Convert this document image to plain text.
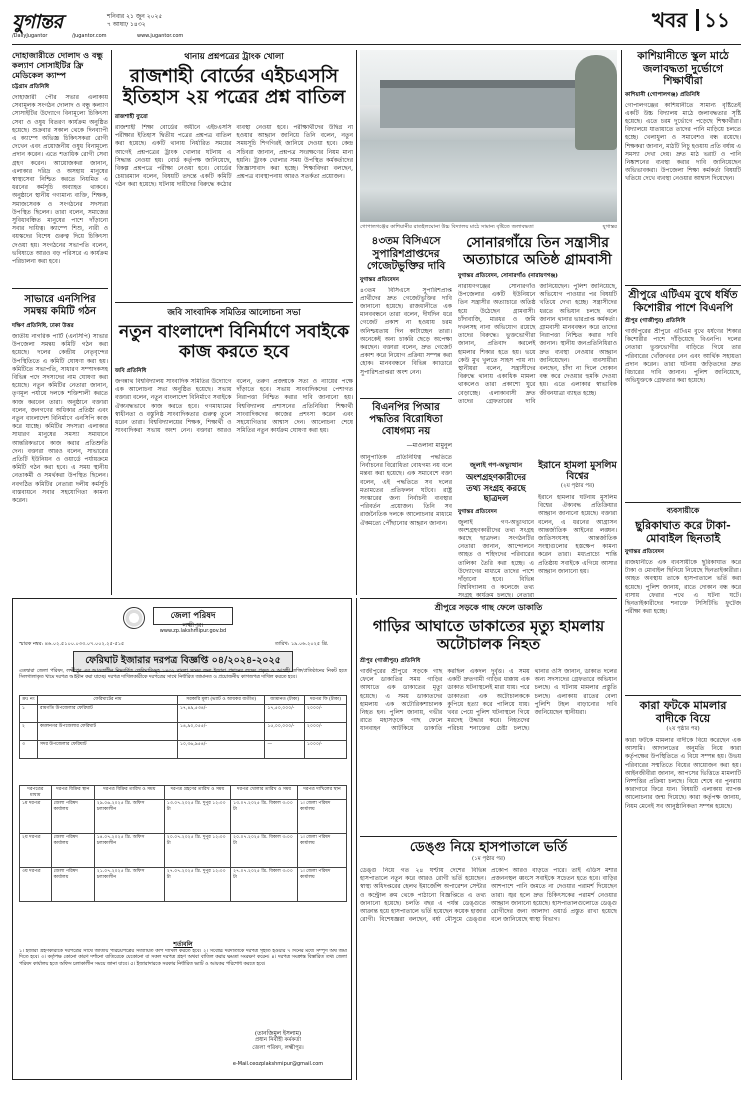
যুগান্তর	শনিবার ২১ জুন ২০২৫
৭ আষাঢ় ১৪৩২
/DailyJugantor	/jugantor.com	www.jugantor.com
খবর ১১
দোহাজারীতে দোলাদ ও বন্ধু কল্যাণ সোসাইটির ফ্রি মেডিকেল ক্যাম্প
চট্টগ্রাম প্রতিনিধি
দোহাজারী পৌর সভার এলাকায় সেবামূলক সংগঠন দোলাদ ও বন্ধু কল্যাণ সোসাইটির উদ্যোগে বিনামূল্যে চিকিৎসা সেবা ও ওষুধ বিতরণ কার্যক্রম অনুষ্ঠিত হয়েছে। শুক্রবার সকাল থেকে দিনব্যাপী এ ক্যাম্পে অভিজ্ঞ চিকিৎসকরা রোগী দেখেন এবং প্রয়োজনীয় ওষুধ বিনামূল্যে প্রদান করেন। এতে শতাধিক রোগী সেবা গ্রহণ করেন। আয়োজকরা জানান, এলাকার দরিদ্র ও অসহায় মানুষের স্বাস্থ্যসেবা নিশ্চিত করতে নিয়মিত এ ধরনের কর্মসূচি অব্যাহত থাকবে। অনুষ্ঠানে স্থানীয় গণ্যমান্য ব্যক্তি, শিক্ষক, সমাজসেবক ও সংগঠনের সদস্যরা উপস্থিত ছিলেন। তারা বলেন, সমাজের সুবিধাবঞ্চিত মানুষের পাশে দাঁড়ানো সবার দায়িত্ব। ক্যাম্পে শিশু, নারী ও বয়স্কদের বিশেষ গুরুত্ব দিয়ে চিকিৎসা দেওয়া হয়। সংগঠনের সভাপতি বলেন, ভবিষ্যতে আরও বড় পরিসরে এ কার্যক্রম পরিচালনা করা হবে।
সাভারে এনসিপির সমন্বয় কমিটি গঠন
দক্ষিণ প্রতিনিধি, ঢাকা উত্তর
জাতীয় নাগরিক পার্টি (এনসিপি) সাভার উপজেলা সমন্বয় কমিটি গঠন করা হয়েছে। দলের কেন্দ্রীয় নেতৃবৃন্দের উপস্থিতিতে এ কমিটি ঘোষণা করা হয়। কমিটিতে সভাপতি, সাধারণ সম্পাদকসহ বিভিন্ন পদে সদস্যদের নাম ঘোষণা করা হয়েছে। নতুন কমিটির নেতারা জানান, তৃণমূল পর্যায়ে দলকে শক্তিশালী করতে কাজ করবেন তারা। অনুষ্ঠানে বক্তারা বলেন, জনগণের অধিকার প্রতিষ্ঠা এবং নতুন বাংলাদেশ বিনির্মাণে এনসিপি কাজ করে যাচ্ছে। কমিটির সদস্যরা এলাকার সাধারণ মানুষের সমস্যা সমাধানে আন্তরিকভাবে কাজ করার প্রতিশ্রুতি দেন। বক্তারা আরও বলেন, সাভারের প্রতিটি ইউনিয়ন ও ওয়ার্ডে পর্যায়ক্রমে কমিটি গঠন করা হবে। এ সময় স্থানীয় নেতাকর্মী ও সমর্থকরা উপস্থিত ছিলেন। নবগঠিত কমিটির নেতারা দলীয় কর্মসূচি বাস্তবায়নে সবার সহযোগিতা কামনা করেন।
থানায় প্রশ্নপত্রের ট্রাংক খোলা
রাজশাহী বোর্ডের এইচএসসি ইতিহাস ২য় পত্রের প্রশ্ন বাতিল
রাজশাহী ব্যুরো
রাজশাহী শিক্ষা বোর্ডের অধীনে এইচএসসি পরীক্ষার ইতিহাস দ্বিতীয় পত্রের প্রশ্নপত্র বাতিল করা হয়েছে। একটি থানায় নির্ধারিত সময়ের আগেই প্রশ্নপত্রের ট্রাংক খোলার ঘটনায় এ সিদ্ধান্ত নেওয়া হয়। বোর্ড কর্তৃপক্ষ জানিয়েছে, বিকল্প প্রশ্নপত্রে পরীক্ষা নেওয়া হবে। বোর্ডের চেয়ারম্যান বলেন, বিষয়টি তদন্তে একটি কমিটি গঠন করা হয়েছে। ঘটনায় দায়ীদের বিরুদ্ধে কঠোর ব্যবস্থা নেওয়া হবে। পরীক্ষার্থীদের উদ্বিগ্ন না হওয়ার আহ্বান জানিয়ে তিনি বলেন, নতুন সময়সূচি শিগগিরই জানিয়ে দেওয়া হবে। কেন্দ্র সচিবরা জানান, প্রশ্নপত্র সংরক্ষণের নিয়ম মানা হয়নি। ট্রাংক খোলার সময় উপস্থিত কর্মকর্তাদের জিজ্ঞাসাবাদ করা হচ্ছে। শিক্ষাবিদরা বলছেন, প্রশ্নপত্র ব্যবস্থাপনায় আরও সতর্কতা প্রয়োজন।
জবি সাংবাদিক সমিতির আলোচনা সভা
নতুন বাংলাদেশ বিনির্মাণে সবাইকে কাজ করতে হবে
জবি প্রতিনিধি
জগন্নাথ বিশ্ববিদ্যালয় সাংবাদিক সমিতির উদ্যোগে এক আলোচনা সভা অনুষ্ঠিত হয়েছে। সভায় বক্তারা বলেন, নতুন বাংলাদেশ বিনির্মাণে সবাইকে ঐক্যবদ্ধভাবে কাজ করতে হবে। গণমাধ্যমের স্বাধীনতা ও বস্তুনিষ্ঠ সাংবাদিকতার গুরুত্ব তুলে ধরেন তারা। বিশ্ববিদ্যালয়ের শিক্ষক, শিক্ষার্থী ও সাংবাদিকরা সভায় অংশ নেন। বক্তারা আরও বলেন, তরুণ প্রজন্মকে সত্য ও ন্যায়ের পক্ষে দাঁড়াতে হবে। সভায় সাংবাদিকদের পেশাগত নিরাপত্তা নিশ্চিত করার দাবি জানানো হয়। বিশ্ববিদ্যালয় প্রশাসনের প্রতিনিধিরা শিক্ষার্থী সাংবাদিকদের কাজের প্রশংসা করেন এবং সহযোগিতার আশ্বাস দেন। আলোচনা শেষে সমিতির নতুন কার্যক্রম ঘোষণা করা হয়।
গোপালগঞ্জের কাশিয়ানীর রাতইলঘোনা উচ্চ বিদ্যালয় মাঠে সামান্য বৃষ্টিতে জলাবদ্ধতা	যুগান্তর
৪৩তম বিসিএসে সুপারিশপ্রাপ্তদের গেজেটভুক্তির দাবি
যুগান্তর প্রতিবেদন
৪৩তম বিসিএসে সুপারিশপ্রাপ্ত প্রার্থীদের দ্রুত গেজেটভুক্তির দাবি জানানো হয়েছে। রাজধানীতে এক মানববন্ধনে তারা বলেন, দীর্ঘদিন ধরে গেজেট প্রকাশ না হওয়ায় চরম অনিশ্চয়তায় দিন কাটাচ্ছেন তারা। অনেকেই অন্য চাকরি ছেড়ে অপেক্ষা করছেন। বক্তারা বলেন, দ্রুত গেজেট প্রকাশ করে নিয়োগ প্রক্রিয়া সম্পন্ন করা হোক। মানববন্ধনে বিভিন্ন ক্যাডারে সুপারিশপ্রাপ্তরা অংশ নেন।
বিএনপির পিআর পদ্ধতির বিরোধিতা বোধগম্য নয়
—মাওলানা মামুনুল
আনুপাতিক প্রতিনিধিত্ব পদ্ধতিতে নির্বাচনের বিরোধিতা বোধগম্য নয় বলে মন্তব্য করা হয়েছে। এক সমাবেশে বক্তা বলেন, এই পদ্ধতিতে সব দলের মতামতের প্রতিফলন ঘটবে। রাষ্ট্র সংস্কারের জন্য নির্বাচনী ব্যবস্থার পরিবর্তন প্রয়োজন। তিনি সব রাজনৈতিক দলকে আলোচনার মাধ্যমে ঐকমত্যে পৌঁছানোর আহ্বান জানান।
সোনারগাঁয়ে তিন সন্ত্রাসীর অত্যাচারে অতিষ্ঠ গ্রামবাসী
যুগান্তর প্রতিবেদন, সোনারগাঁও (নারায়ণগঞ্জ)
নারায়ণগঞ্জের সোনারগাঁও উপজেলার একটি ইউনিয়নে তিন সন্ত্রাসীর অত্যাচারে অতিষ্ঠ হয়ে উঠেছেন গ্রামবাসী। চাঁদাবাজি, মারধর ও জমি দখলসহ নানা অভিযোগ রয়েছে তাদের বিরুদ্ধে। ভুক্তভোগীরা জানান, প্রতিবাদ করলেই হামলার শিকার হতে হয়। ভয়ে কেউ মুখ খুলতে সাহস পায় না। স্থানীয়রা বলেন, সন্ত্রাসীদের বিরুদ্ধে থানায় একাধিক মামলা থাকলেও তারা প্রকাশ্যে ঘুরে বেড়াচ্ছে। এলাকাবাসী দ্রুত তাদের গ্রেফতারের দাবি জানিয়েছেন। পুলিশ জানিয়েছে, অভিযোগ পাওয়ার পর বিষয়টি খতিয়ে দেখা হচ্ছে। সন্ত্রাসীদের ধরতে অভিযান চলছে বলে জানান থানার ভারপ্রাপ্ত কর্মকর্তা। গ্রামবাসী মানববন্ধন করে তাদের নিরাপত্তা নিশ্চিত করার দাবি জানান। স্থানীয় জনপ্রতিনিধিরাও দ্রুত ব্যবস্থা নেওয়ার আহ্বান জানিয়েছেন। ব্যবসায়ীরা বলছেন, চাঁদা না দিলে দোকান বন্ধ করে দেওয়ার হুমকি দেওয়া হয়। এতে এলাকার স্বাভাবিক জীবনযাত্রা ব্যাহত হচ্ছে।
জুলাই গণ-অভ্যুত্থান
অংশগ্রহণকারীদের তথ্য সংগ্রহ করছে ছাত্রদল
যুগান্তর প্রতিবেদন
জুলাই গণ-অভ্যুত্থানে অংশগ্রহণকারীদের তথ্য সংগ্রহ করছে ছাত্রদল। সংগঠনটির নেতারা জানান, আন্দোলনে আহত ও শহিদদের পরিবারের তালিকা তৈরি করা হচ্ছে। এ উদ্যোগের মাধ্যমে তাদের পাশে দাঁড়ানো হবে। বিভিন্ন বিশ্ববিদ্যালয় ও কলেজে তথ্য সংগ্রহ কার্যক্রম চলছে। নেতারা
ইরানে হামলা মুসলিম বিশ্বের
(২য় পৃষ্ঠার পর)
ইরানে হামলার ঘটনায় মুসলিম বিশ্বের ঐক্যবদ্ধ প্রতিক্রিয়ার আহ্বান জানানো হয়েছে। বক্তারা বলেন, এ ধরনের আগ্রাসন আন্তর্জাতিক আইনের লঙ্ঘন। জাতিসংঘসহ আন্তর্জাতিক সংস্থাগুলোর হস্তক্ষেপ কামনা করেন তারা। মধ্যপ্রাচ্যে শান্তি প্রতিষ্ঠায় সবাইকে এগিয়ে আসার আহ্বান জানানো হয়।
কাশিয়ানীতে স্কুল মাঠে জলাবদ্ধতা দুর্ভোগে শিক্ষার্থীরা
কাশিয়ানী (গোপালগঞ্জ) প্রতিনিধি
গোপালগঞ্জের কাশিয়ানীতে সামান্য বৃষ্টিতেই একটি উচ্চ বিদ্যালয় মাঠে জলাবদ্ধতার সৃষ্টি হয়েছে। এতে চরম দুর্ভোগে পড়েছে শিক্ষার্থীরা। বিদ্যালয়ে যাতায়াতে তাদের পানি মাড়িয়ে চলতে হচ্ছে। খেলাধুলা ও সমাবেশও বন্ধ রয়েছে। শিক্ষকরা জানান, মাঠটি নিচু হওয়ায় প্রতি বর্ষায় এ সমস্যা দেখা দেয়। দ্রুত মাঠ ভরাট ও পানি নিষ্কাশনের ব্যবস্থা করার দাবি জানিয়েছেন অভিভাবকরা। উপজেলা শিক্ষা কর্মকর্তা বিষয়টি খতিয়ে দেখে ব্যবস্থা নেওয়ার আশ্বাস দিয়েছেন।
শ্রীপুরে এটিএম বুথে ধর্ষিত কিশোরীর পাশে বিএনপি
শ্রীপুর (গাজীপুর) প্রতিনিধি
গাজীপুরের শ্রীপুরে এটিএম বুথে ধর্ষণের শিকার কিশোরীর পাশে দাঁড়িয়েছে বিএনপি। দলের নেতারা ভুক্তভোগীর বাড়িতে গিয়ে তার পরিবারের খোঁজখবর নেন এবং আর্থিক সহায়তা প্রদান করেন। তারা ঘটনায় জড়িতদের দ্রুত বিচারের দাবি জানান। পুলিশ জানিয়েছে, অভিযুক্তকে গ্রেফতার করা হয়েছে।
ব্যবসায়ীকে
ছুরিকাঘাত করে টাকা-মোবাইল ছিনতাই
যুগান্তর প্রতিবেদন
রাজধানীতে এক ব্যবসায়ীকে ছুরিকাঘাত করে টাকা ও মোবাইল ছিনিয়ে নিয়েছে ছিনতাইকারীরা। আহত অবস্থায় তাকে হাসপাতালে ভর্তি করা হয়েছে। পুলিশ জানায়, রাতে দোকান বন্ধ করে বাসায় ফেরার পথে এ ঘটনা ঘটে। ছিনতাইকারীদের শনাক্তে সিসিটিভি ফুটেজ পরীক্ষা করা হচ্ছে।
কারা ফটকে মামলার বাদীকে বিয়ে
(২য় পৃষ্ঠার পর)
কারা ফটকে মামলার বাদীকে বিয়ে করেছেন এক আসামি। আদালতের অনুমতি নিয়ে কারা কর্তৃপক্ষের উপস্থিতিতে এ বিয়ে সম্পন্ন হয়। উভয় পরিবারের সম্মতিতে বিয়ের আয়োজন করা হয়। আইনজীবীরা জানান, আপসের ভিত্তিতে মামলাটি নিষ্পত্তির প্রক্রিয়া চলছে। বিয়ে শেষে বর পুনরায় কারাগারে ফিরে যান। বিষয়টি এলাকায় ব্যাপক আলোচনার জন্ম দিয়েছে। কারা কর্তৃপক্ষ জানায়, নিয়ম মেনেই সব আনুষ্ঠানিকতা সম্পন্ন হয়েছে।
শ্রীপুরে সড়কে গাছ ফেলে ডাকাতি
গাড়ির আঘাতে ডাকাতের মৃত্যু হামলায় অটোচালক নিহত
শ্রীপুর (গাজীপুর) প্রতিনিধি
গাজীপুরের শ্রীপুরে সড়কে গাছ ফেলে ডাকাতির সময় গাড়ির আঘাতে এক ডাকাতের মৃত্যু হয়েছে। এ সময় ডাকাতদের হামলায় এক অটোরিকশাচালক নিহত হন। পুলিশ জানায়, গভীর রাতে মহাসড়কে গাছ ফেলে যানবাহন আটকিয়ে ডাকাতি করছিল একদল দুর্বৃত্ত। এ সময় একটি দ্রুতগামী গাড়ির ধাক্কায় এক ডাকাত ঘটনাস্থলেই মারা যায়। পরে ডাকাতরা এক অটোচালককে কুপিয়ে হত্যা করে পালিয়ে যায়। খবর পেয়ে পুলিশ ঘটনাস্থলে গিয়ে মরদেহ উদ্ধার করে। নিহতদের পরিচয় শনাক্তের চেষ্টা চলছে। থানার ওসি জানান, ডাকাত দলের অন্য সদস্যদের গ্রেফতারে অভিযান চলছে। এ ঘটনায় মামলার প্রস্তুতি চলছে। এলাকায় রাতের বেলা পুলিশি টহল বাড়ানোর দাবি জানিয়েছেন স্থানীয়রা।
ডেঙ্গু নিয়ে হাসপাতালে ভর্তি
(১ম পৃষ্ঠার পর)
ডেঙ্গু নিয়ে গত ২৪ ঘণ্টায় দেশের বিভিন্ন হাসপাতালে নতুন করে আরও রোগী ভর্তি হয়েছেন। স্বাস্থ্য অধিদপ্তরের হেলথ ইমার্জেন্সি অপারেশন সেন্টার ও কন্ট্রোল রুম থেকে পাঠানো বিজ্ঞপ্তিতে এ তথ্য জানানো হয়েছে। চলতি বছর এ পর্যন্ত ডেঙ্গুতে আক্রান্ত হয়ে হাসপাতালে ভর্তি হয়েছেন কয়েক হাজার রোগী। বিশেষজ্ঞরা বলছেন, বর্ষা মৌসুমে ডেঙ্গুর প্রকোপ আরও বাড়তে পারে। তাই এডিস মশার প্রজননস্থল ধ্বংসে সবাইকে সচেতন হতে হবে। বাড়ির আশপাশে পানি জমতে না দেওয়ার পরামর্শ দিয়েছেন তারা। জ্বর হলে দ্রুত চিকিৎসকের পরামর্শ নেওয়ার আহ্বান জানানো হয়েছে। হাসপাতালগুলোতে ডেঙ্গু রোগীদের জন্য আলাদা ওয়ার্ড প্রস্তুত রাখা হয়েছে বলে জানিয়েছে স্বাস্থ্য বিভাগ।
জেলা পরিষদ
লক্ষ্মীপুর।
www.zp.lakshmipur.gov.bd
স্মারক নম্বর: ৪৬.০২.৫১০০.০৩৩.০৭.০০২.২৫-৫১৫	তারিখ: ১৯.০৬.২০২৫ খ্রি.
ফেরিঘাট ইজারার দরপত্র বিজ্ঞপ্তি ০৪/২০২৪-২০২৫
এতদ্বারা জেলা পরিষদ, লক্ষ্মীপুর এর আওতাধীন নিম্নবর্ণিত ফেরিঘাটসমূহ ১৪৩২ বাংলা সনের জন্য ইজারা প্রদানের লক্ষ্যে প্রকৃত ও আগ্রহী ব্যক্তি/প্রতিষ্ঠানের নিকট হতে সিলগালাকৃত খামে দরপত্র আহ্বান করা যাচ্ছে। দরপত্র দাখিলকারীকে দরপত্রের সাথে নির্ধারিত জামানত ও প্রয়োজনীয় কাগজপত্র দাখিল করতে হবে।
ক্রঃ নং	ফেরিঘাটের নাম	সরকারি মূল্য (ভ্যাট ও আয়কর ব্যতীত)	জামানত (টাকা)	দরপত্র ফি (টাকা)
১	রামগতি উপজেলার ফেরিঘাট	১৭,৪৯,৫৩৪/-	১৭,৫০,০০০/-	২০০০/-
২	কমলনগর উপজেলার ফেরিঘাট	১৪,৯০,০৫৫/-	১৫,০০,০০০/-	২০০০/-
৩	সদর উপজেলার ফেরিঘাট	১০,৩৬,৯৫৪/-	—	১০০০/-
দরপত্রের মাধ্যম	দরপত্র বিক্রির স্থান	দরপত্র বিক্রির তারিখ ও সময়	দরপত্র গ্রহণের তারিখ ও সময়	দরপত্র খোলার তারিখ ও সময়	দরপত্র দাখিলের স্থান
১ম দরপত্র	জেলা পরিষদ কার্যালয়	২৯.০৬.২০২৫ খ্রি. অফিস চলাকালীন	১৩.০৭.২০২৫ খ্রি. দুপুর ১২:০০ টা	১৩.০৭.২০২৫ খ্রি. বিকাল ৩:০০ টা	১। জেলা পরিষদ কার্যালয়
২য় দরপত্র	জেলা পরিষদ কার্যালয়	১৪.০৭.২০২৫ খ্রি. অফিস চলাকালীন	২০.০৭.২০২৫ খ্রি. দুপুর ১২:০০ টা	২০.০৭.২০২৫ খ্রি. বিকাল ৩:০০ টা	১। জেলা পরিষদ কার্যালয়
৩য় দরপত্র	জেলা পরিষদ কার্যালয়	২১.০৭.২০২৫ খ্রি. অফিস চলাকালীন	২৭.০৭.২০২৫ খ্রি. দুপুর ১২:০০ টা	২৭.০৭.২০২৫ খ্রি. বিকাল ৩:০০ টা	১। জেলা পরিষদ কার্যালয়
শর্তাবলি
১। ইজারা গ্রহণকারীকে দরপত্রের সাথে জাতীয় পরিচয়পত্রের সত্যায়িত কপি দাখিল করতে হবে। ২। সর্বোচ্চ দরদাতাকে দরপত্র গৃহীত হওয়ার ৭ দিনের মধ্যে সম্পূর্ণ অর্থ জমা দিতে হবে। ৩। কর্তৃপক্ষ কোনো কারণ দর্শানো ব্যতিরেকে যেকোনো বা সকল দরপত্র গ্রহণ অথবা বাতিল করার ক্ষমতা সংরক্ষণ করেন। ৪। দরপত্র সংক্রান্ত বিস্তারিত তথ্য জেলা পরিষদ কার্যালয় হতে অফিস চলাকালীন সময়ে জানা যাবে। ৫। ইজারাদারকে সরকার নির্ধারিত ভ্যাট ও আয়কর পরিশোধ করতে হবে।
(তানজিমুল ইসলাম)
প্রধান নির্বাহী কর্মকর্তা
জেলা পরিষদ, লক্ষ্মীপুর।
e-Mail.ceozplakshmipur@gmail.com
